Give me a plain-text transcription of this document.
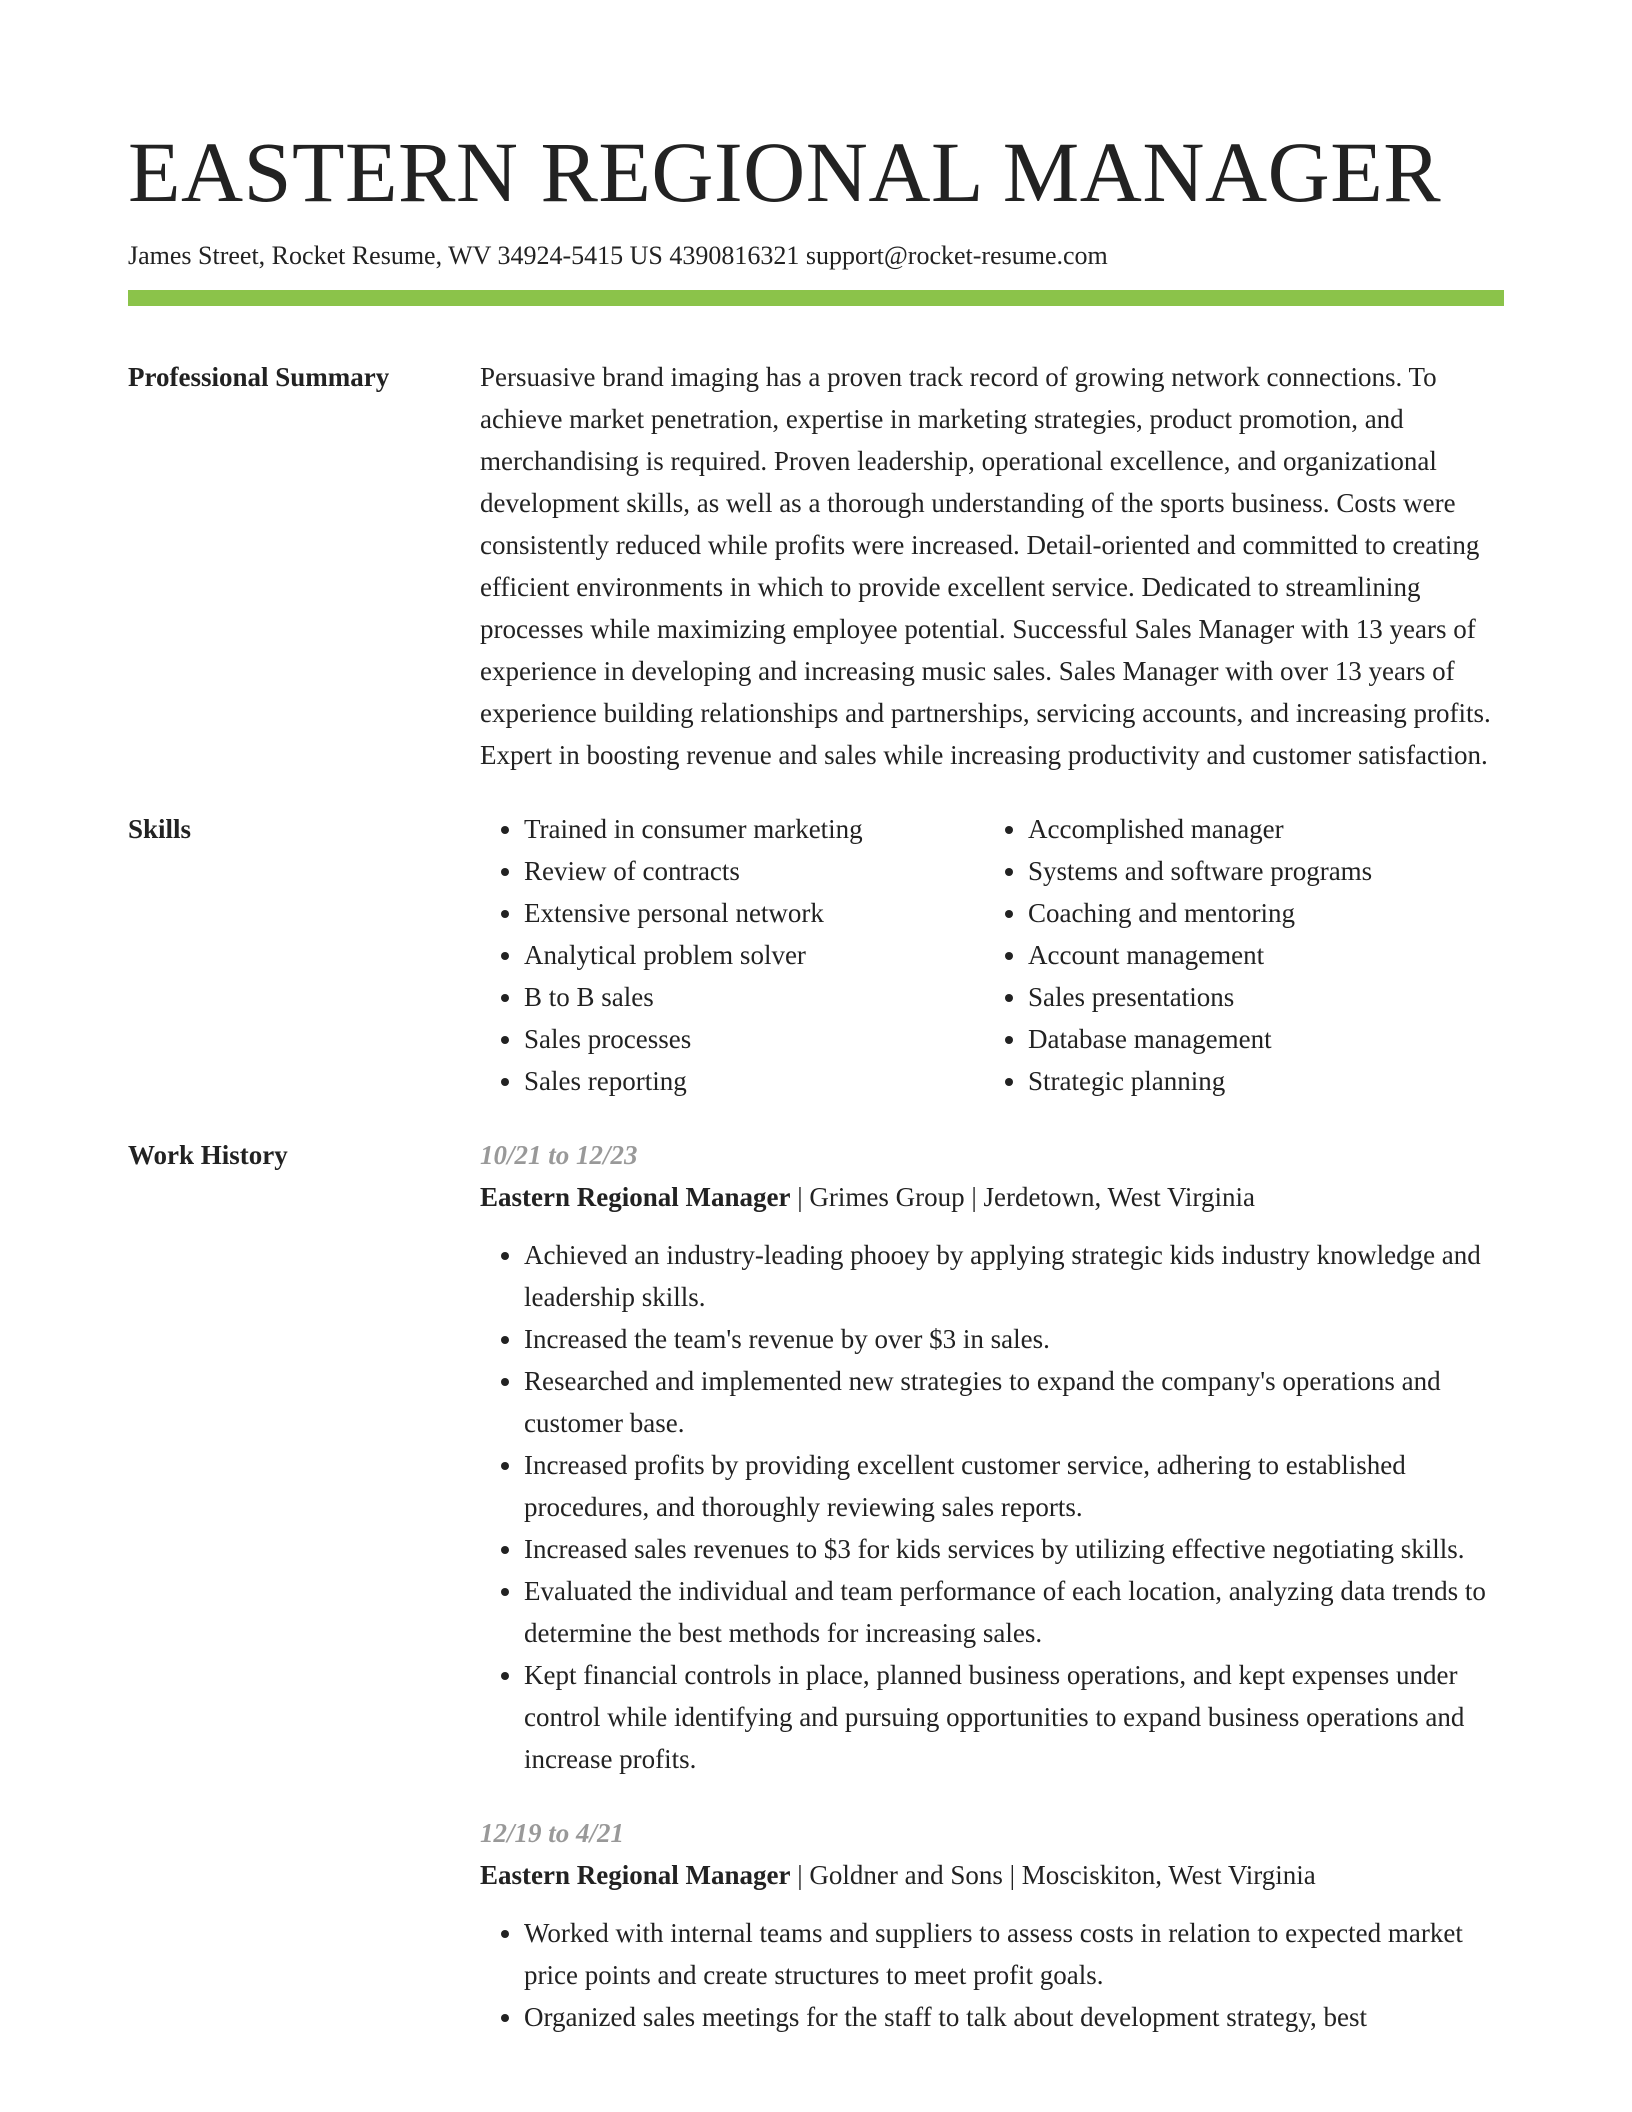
EASTERN REGIONAL MANAGER
James Street, Rocket Resume, WV 34924-5415 US 4390816321 support@rocket-resume.com
Professional Summary	Persuasive brand imaging has a proven track record of growing network connections. To achieve market penetration, expertise in marketing strategies, product promotion, and merchandising is required. Proven leadership, operational excellence, and organizational development skills, as well as a thorough understanding of the sports business. Costs were consistently reduced while profits were increased. Detail-oriented and committed to creating efficient environments in which to provide excellent service. Dedicated to streamlining processes while maximizing employee potential. Successful Sales Manager with 13 years of experience in developing and increasing music sales. Sales Manager with over 13 years of experience building relationships and partnerships, servicing accounts, and increasing profits. Expert in boosting revenue and sales while increasing productivity and customer satisfaction.

Skills
•	Trained in consumer marketing
• Review of contracts
• Extensive personal network
• Analytical problem solver
• B to B sales
• Sales processes
• Sales reporting
• Accomplished manager
• Systems and software programs
• Coaching and mentoring
• Account management
• Sales presentations
• Database management
• Strategic planning
Work History	10/21 to 12/23
Eastern Regional Manager | Grimes Group | Jerdetown, West Virginia
• Achieved an industry-leading phooey by applying strategic kids industry knowledge and leadership skills.
• Increased the team's revenue by over $3 in sales.
• Researched and implemented new strategies to expand the company's operations and customer base.
• Increased profits by providing excellent customer service, adhering to established procedures, and thoroughly reviewing sales reports.
• Increased sales revenues to $3 for kids services by utilizing effective negotiating skills.
• Evaluated the individual and team performance of each location, analyzing data trends to determine the best methods for increasing sales.
• Kept financial controls in place, planned business operations, and kept expenses under control while identifying and pursuing opportunities to expand business operations and increase profits.
12/19 to 4/21
Eastern Regional Manager | Goldner and Sons | Mosciskiton, West Virginia
• Worked with internal teams and suppliers to assess costs in relation to expected market price points and create structures to meet profit goals.
• Organized sales meetings for the staff to talk about development strategy, best
